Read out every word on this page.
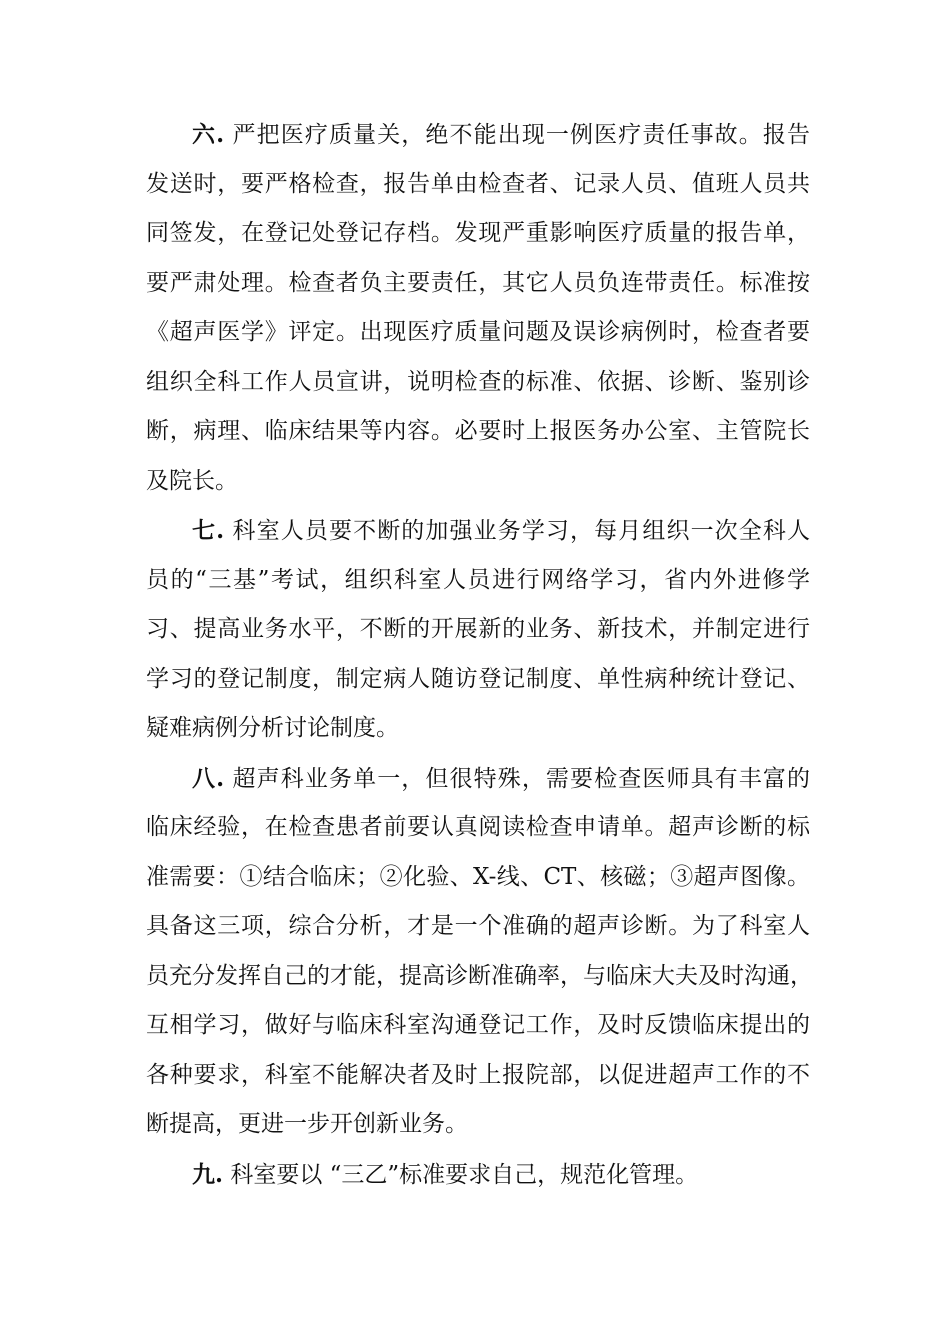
六. 严把医疗质量关，绝不能出现一例医疗责任事故。报告
发送时，要严格检查，报告单由检查者、记录人员、值班人员共
同签发，在登记处登记存档。发现严重影响医疗质量的报告单，
要严肃处理。检查者负主要责任，其它人员负连带责任。标准按
《超声医学》评定。出现医疗质量问题及误诊病例时，检查者要
组织全科工作人员宣讲，说明检查的标准、依据、诊断、鉴别诊
断，病理、临床结果等内容。必要时上报医务办公室、主管院长
及院长。
七. 科室人员要不断的加强业务学习，每月组织一次全科人
员的“三基”考试，组织科室人员进行网络学习，省内外进修学
习、提高业务水平，不断的开展新的业务、新技术，并制定进行
学习的登记制度，制定病人随访登记制度、单性病种统计登记、
疑难病例分析讨论制度。
八. 超声科业务单一，但很特殊，需要检查医师具有丰富的
临床经验，在检查患者前要认真阅读检查申请单。超声诊断的标
准需要：①结合临床；②化验、X-线、CT、核磁；③超声图像。
具备这三项，综合分析，才是一个准确的超声诊断。为了科室人
员充分发挥自己的才能，提高诊断准确率，与临床大夫及时沟通，
互相学习，做好与临床科室沟通登记工作，及时反馈临床提出的
各种要求，科室不能解决者及时上报院部，以促进超声工作的不
断提高，更进一步开创新业务。
九. 科室要以 “三乙”标准要求自己，规范化管理。
